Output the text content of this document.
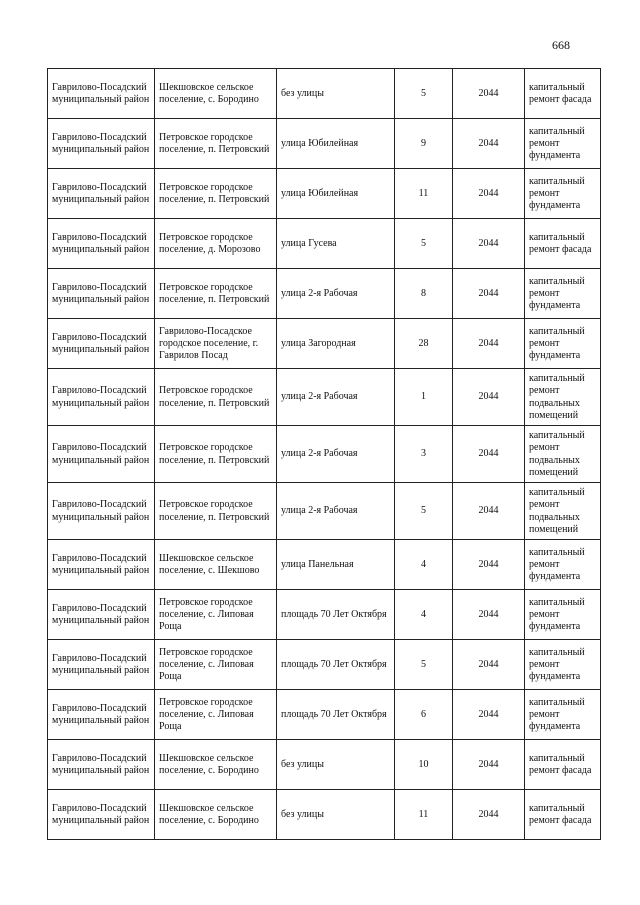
668
Гаврилово-Посадский муниципальный район	Шекшовское сельское поселение, с. Бородино	без улицы	5	2044	капитальный ремонт фасада
Гаврилово-Посадский муниципальный район	Петровское городское поселение, п. Петровский	улица Юбилейная	9	2044	капитальный ремонт фундамента
Гаврилово-Посадский муниципальный район	Петровское городское поселение, п. Петровский	улица Юбилейная	11	2044	капитальный ремонт фундамента
Гаврилово-Посадский муниципальный район	Петровское городское поселение, д. Морозово	улица Гусева	5	2044	капитальный ремонт фасада
Гаврилово-Посадский муниципальный район	Петровское городское поселение, п. Петровский	улица 2-я Рабочая	8	2044	капитальный ремонт фундамента
Гаврилово-Посадский муниципальный район	Гаврилово-Посадское городское поселение, г. Гаврилов Посад	улица Загородная	28	2044	капитальный ремонт фундамента
Гаврилово-Посадский муниципальный район	Петровское городское поселение, п. Петровский	улица 2-я Рабочая	1	2044	капитальный ремонт подвальных помещений
Гаврилово-Посадский муниципальный район	Петровское городское поселение, п. Петровский	улица 2-я Рабочая	3	2044	капитальный ремонт подвальных помещений
Гаврилово-Посадский муниципальный район	Петровское городское поселение, п. Петровский	улица 2-я Рабочая	5	2044	капитальный ремонт подвальных помещений
Гаврилово-Посадский муниципальный район	Шекшовское сельское поселение, с. Шекшово	улица Панельная	4	2044	капитальный ремонт фундамента
Гаврилово-Посадский муниципальный район	Петровское городское поселение, с. Липовая Роща	площадь 70 Лет Октября	4	2044	капитальный ремонт фундамента
Гаврилово-Посадский муниципальный район	Петровское городское поселение, с. Липовая Роща	площадь 70 Лет Октября	5	2044	капитальный ремонт фундамента
Гаврилово-Посадский муниципальный район	Петровское городское поселение, с. Липовая Роща	площадь 70 Лет Октября	6	2044	капитальный ремонт фундамента
Гаврилово-Посадский муниципальный район	Шекшовское сельское поселение, с. Бородино	без улицы	10	2044	капитальный ремонт фасада
Гаврилово-Посадский муниципальный район	Шекшовское сельское поселение, с. Бородино	без улицы	11	2044	капитальный ремонт фасада
